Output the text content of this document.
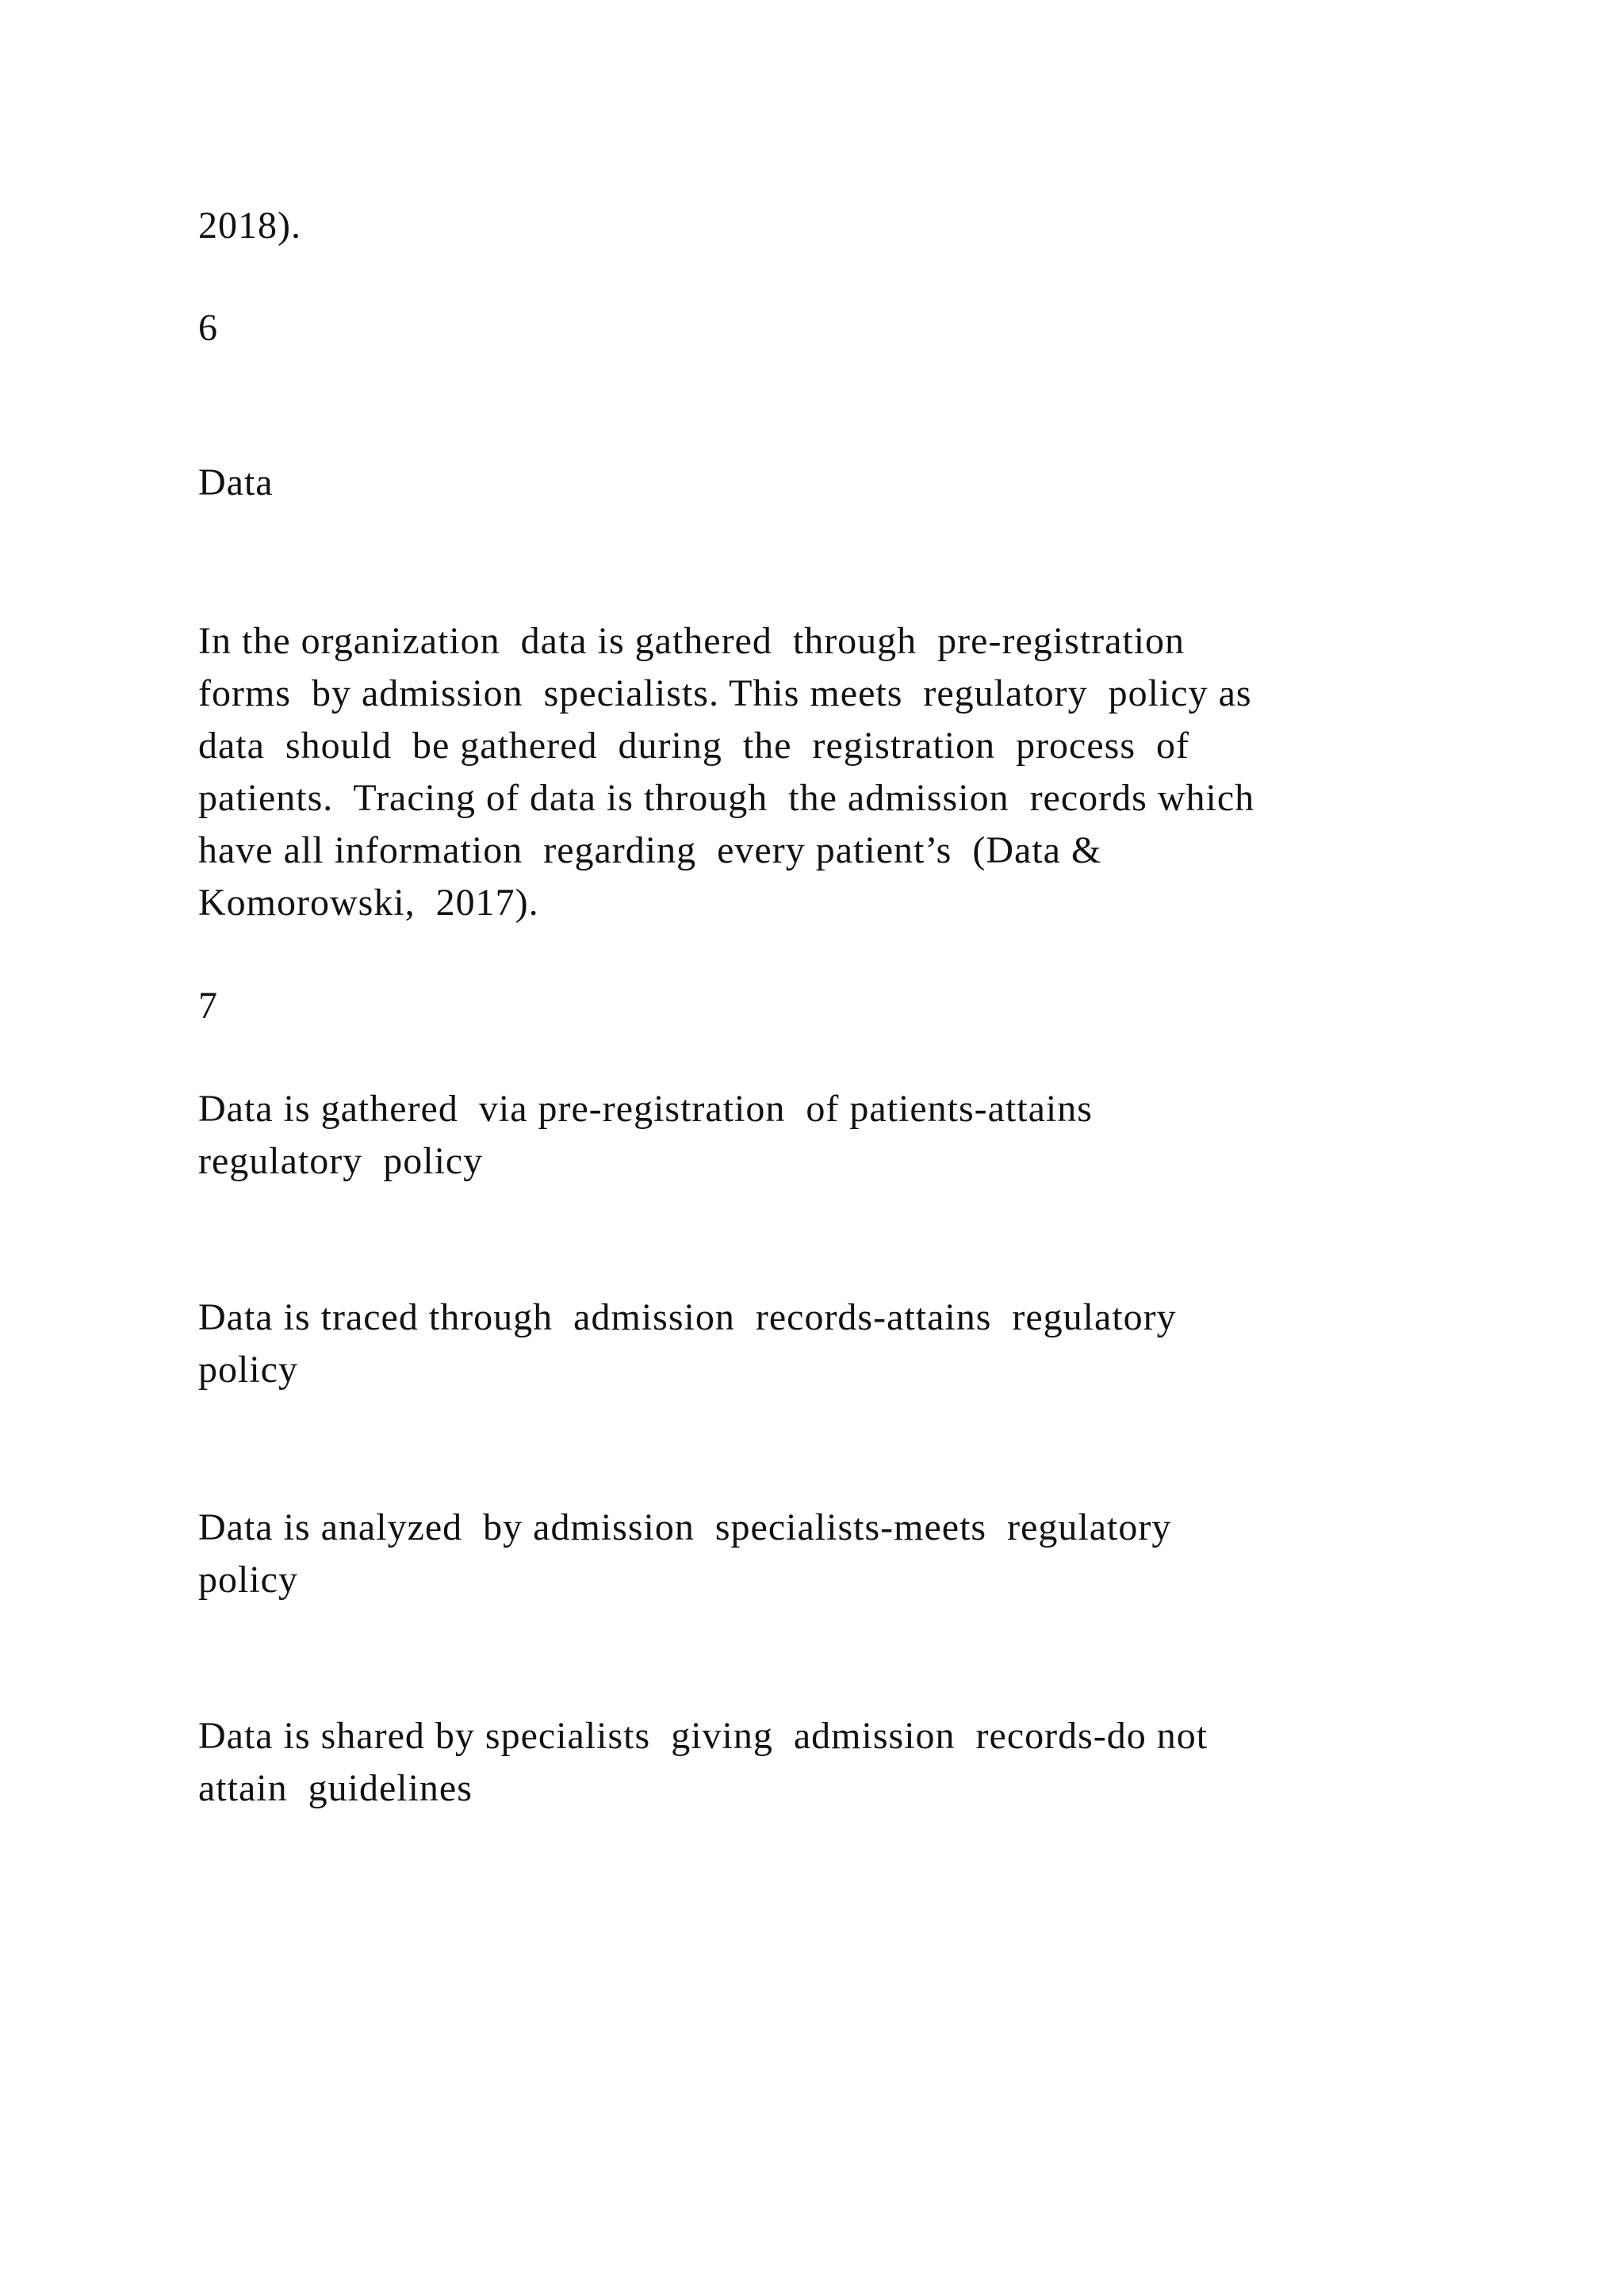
2018).

6

Data

In the organization  data is gathered  through  pre-registration

forms  by admission  specialists. This meets  regulatory  policy as

data  should  be gathered  during  the  registration  process  of

patients.  Tracing of data is through  the admission  records which

have all information  regarding  every patient’s  (Data &

Komorowski,  2017).

7

Data is gathered  via pre-registration  of patients-attains

regulatory  policy

Data is traced through  admission  records-attains  regulatory

policy

Data is analyzed  by admission  specialists-meets  regulatory

policy

Data is shared by specialists  giving  admission  records-do not

attain  guidelines
